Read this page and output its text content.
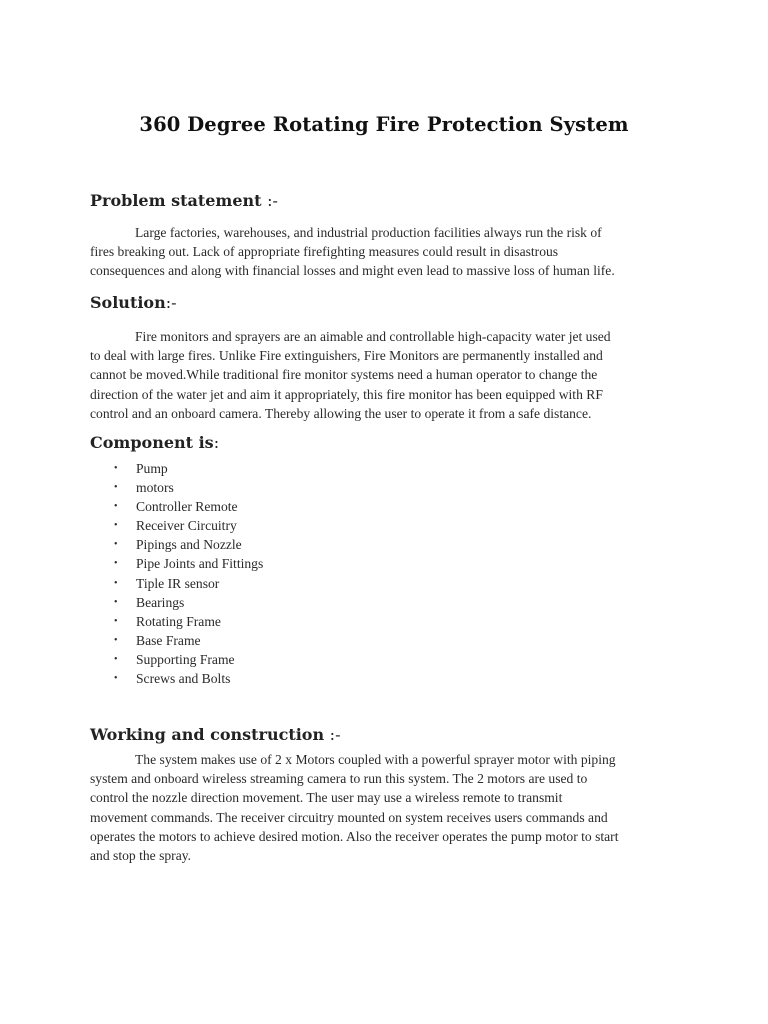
360 Degree Rotating Fire Protection System
Problem statement :-
Large factories, warehouses, and industrial production facilities always run the risk of
fires breaking out. Lack of appropriate firefighting measures could result in disastrous
consequences and along with financial losses and might even lead to massive loss of human life.
Solution:-
Fire monitors and sprayers are an aimable and controllable high-capacity water jet used
to deal with large fires. Unlike Fire extinguishers, Fire Monitors are permanently installed and
cannot be moved.While traditional fire monitor systems need a human operator to change the
direction of the water jet and aim it appropriately, this fire monitor has been equipped with RF
control and an onboard camera. Thereby allowing the user to operate it from a safe distance.
Component is:
• Pump
• motors
• Controller Remote
• Receiver Circuitry
• Pipings and Nozzle
• Pipe Joints and Fittings
• Tiple IR sensor
• Bearings
• Rotating Frame
• Base Frame
• Supporting Frame
• Screws and Bolts
Working and construction :-
The system makes use of 2 x Motors coupled with a powerful sprayer motor with piping
system and onboard wireless streaming camera to run this system. The 2 motors are used to
control the nozzle direction movement. The user may use a wireless remote to transmit
movement commands. The receiver circuitry mounted on system receives users commands and
operates the motors to achieve desired motion. Also the receiver operates the pump motor to start
and stop the spray.
